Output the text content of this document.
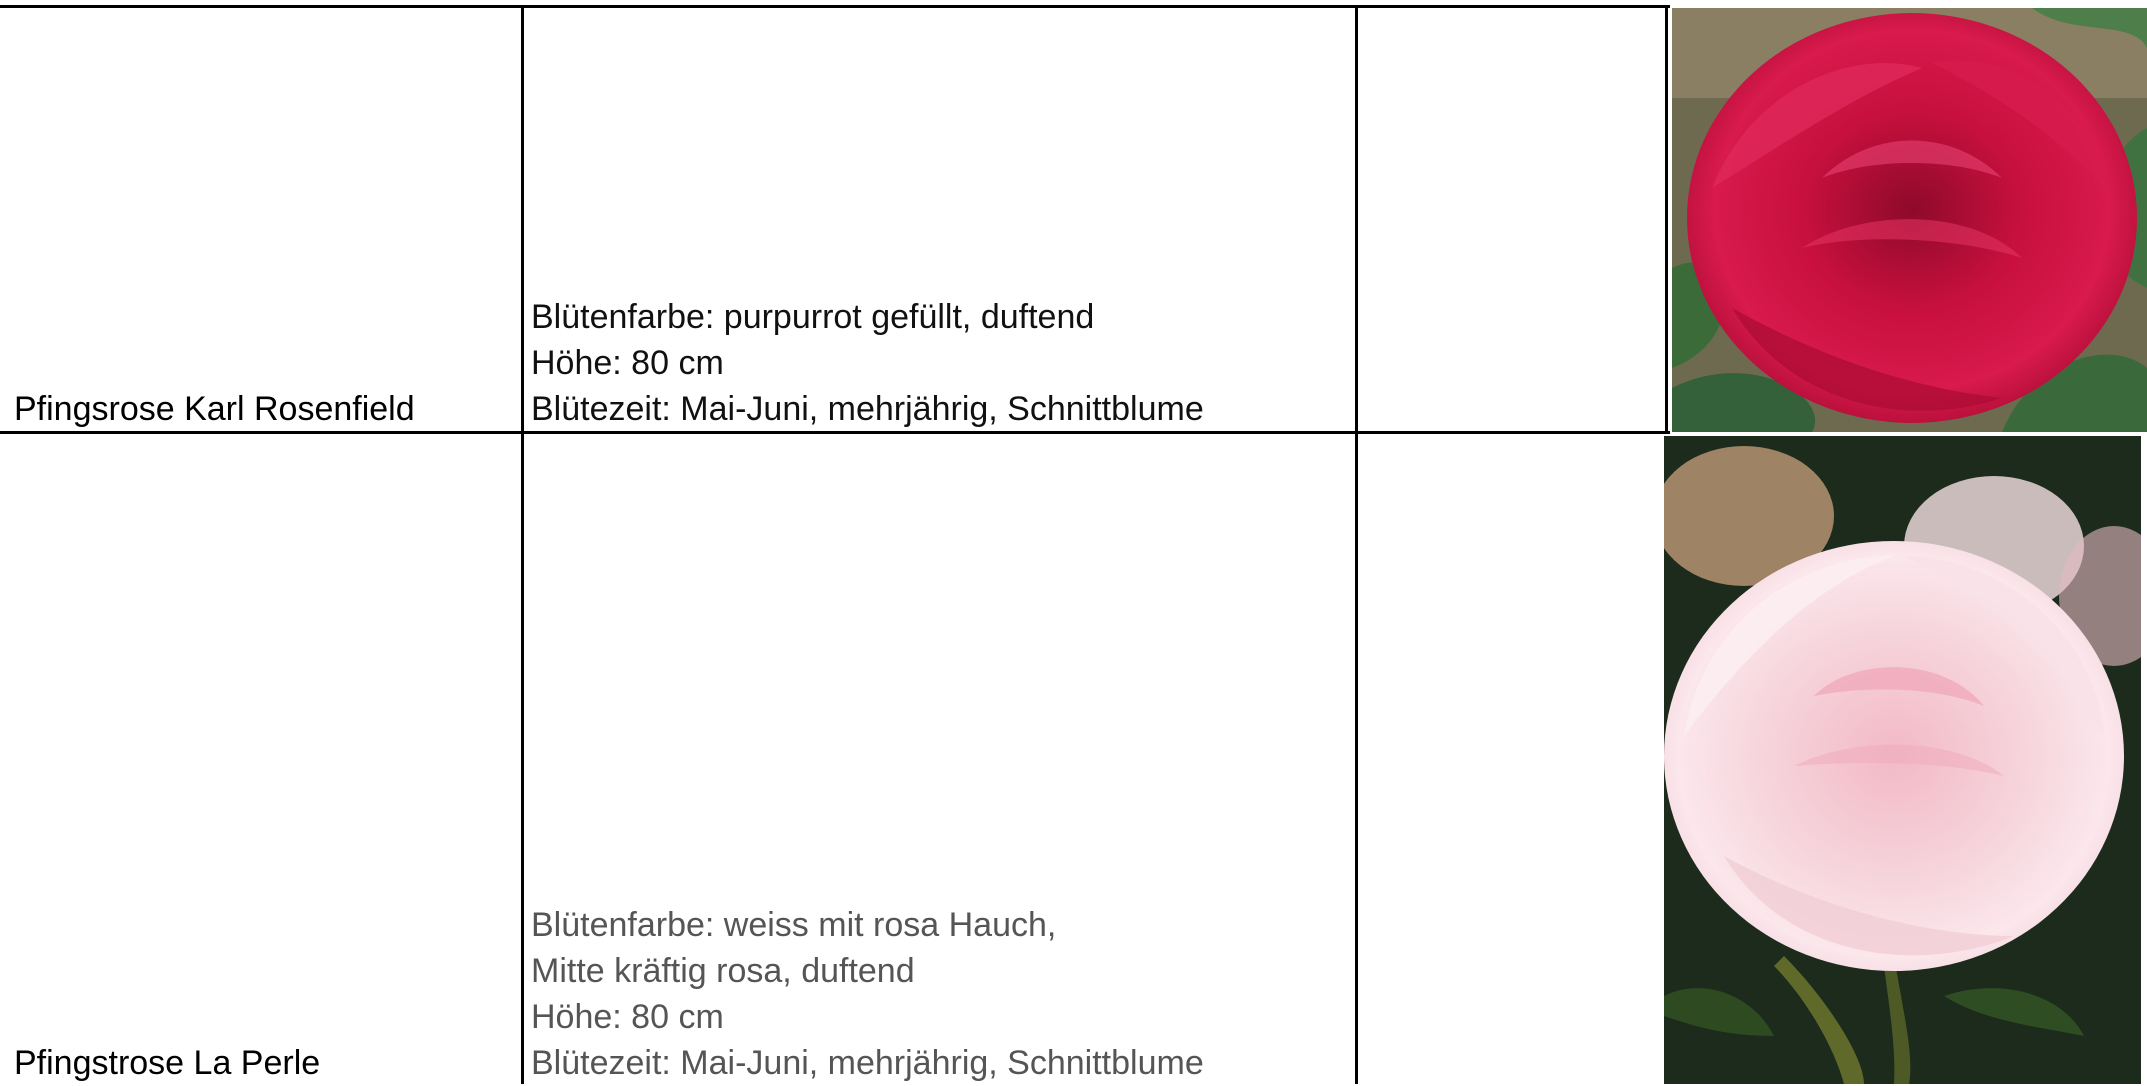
Pfingsrose Karl Rosenfield
Blütenfarbe: purpurrot gefüllt, duftend
Höhe: 80 cm
Blütezeit: Mai-Juni, mehrjährig, Schnittblume
Pfingstrose La Perle
Blütenfarbe: weiss mit rosa Hauch,
Mitte kräftig rosa, duftend
Höhe: 80 cm
Blütezeit: Mai-Juni, mehrjährig, Schnittblume
